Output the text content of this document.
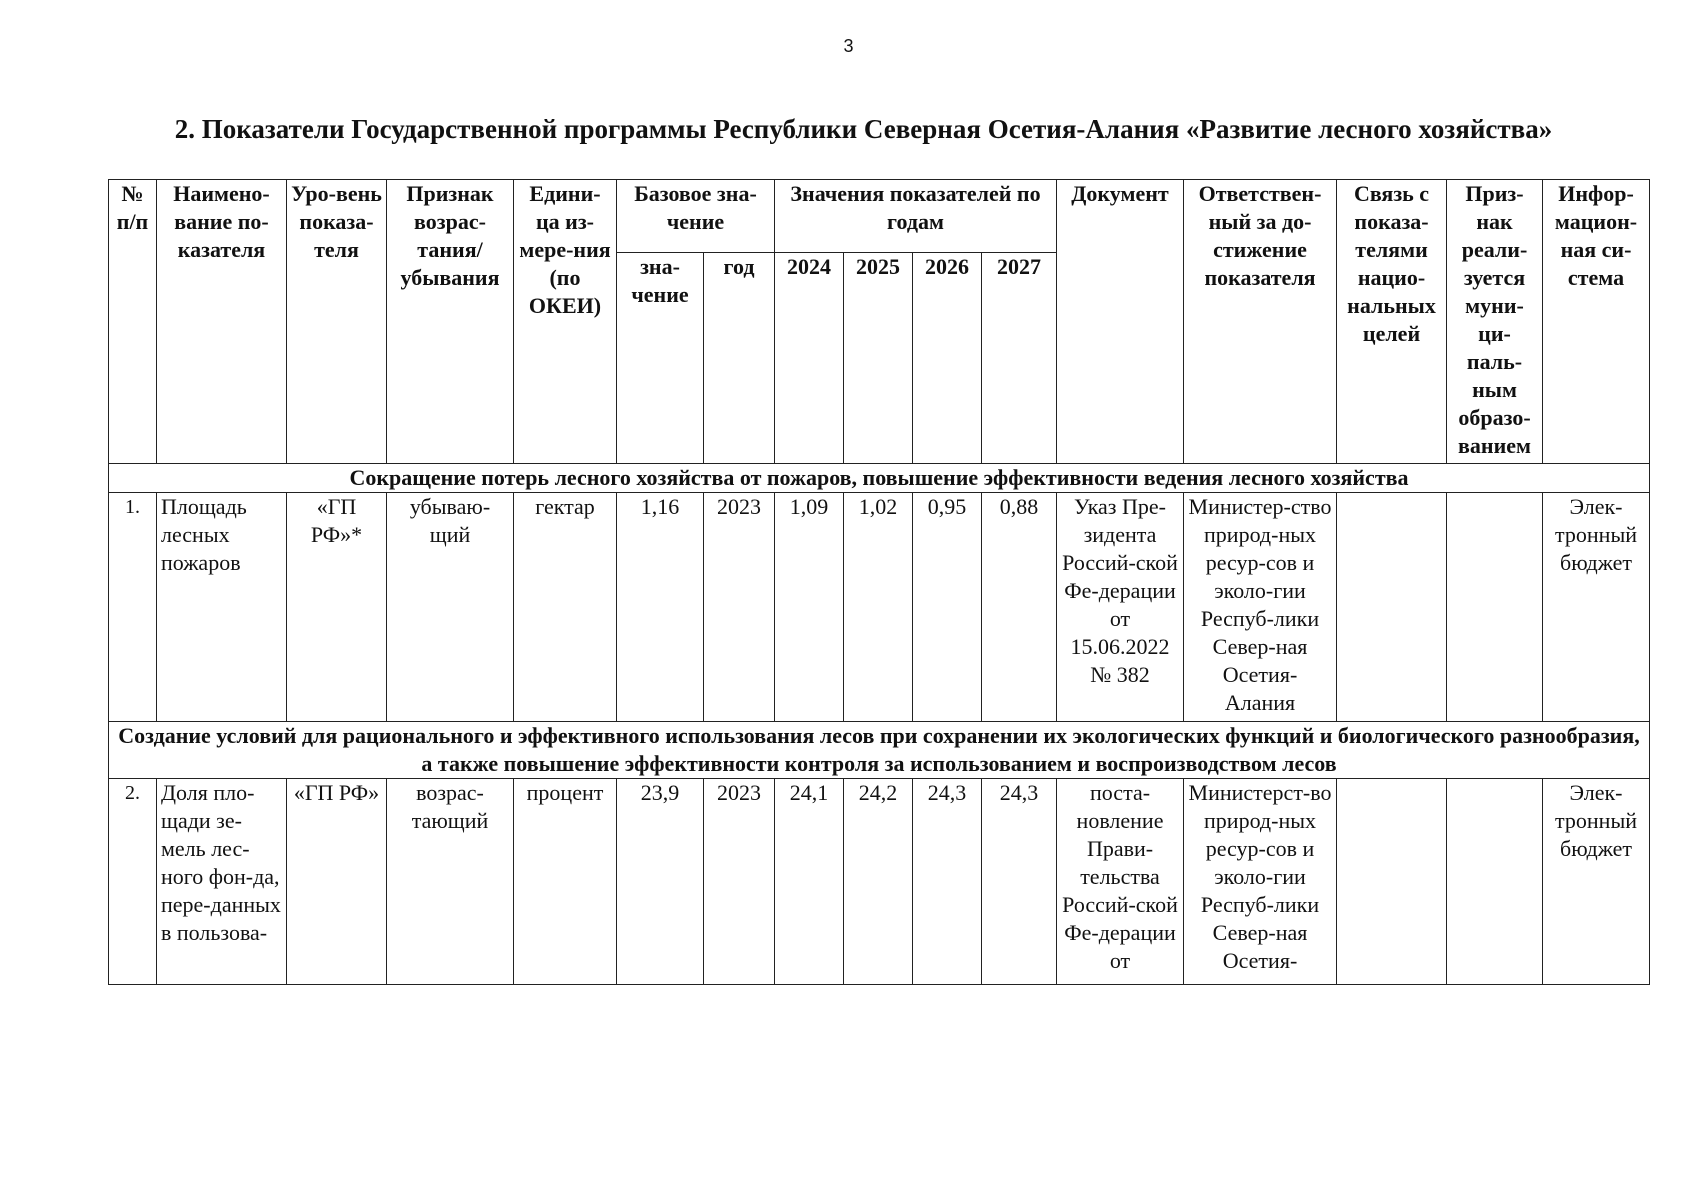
3
2. Показатели Государственной программы Республики Северная Осетия-Алания «Развитие лесного хозяйства»
№ п/п	Наимено-вание по-казателя	Уро-вень показа-теля	Признак возрас-тания/ убывания	Едини-ца из-мере-ния (по ОКЕИ)	Базовое зна-чение		Значения показателей по годам				Документ	Ответствен-ный за до-стижение показателя	Связь с показа-телями нацио-нальных целей	Приз-нак реали-зуется муни-ци-паль-ным образо-ванием	Инфор-мацион-ная си-стема
					зна-чение	год	2024	2025	2026	2027					
Сокращение потерь лесного хозяйства от пожаров, повышение эффективности ведения лесного хозяйства															
1.	Площадь лесных пожаров	«ГП РФ»*	убываю-щий	гектар	1,16	2023	1,09	1,02	0,95	0,88	Указ Пре-зидента Россий-ской Фе-дерации от 15.06.2022 № 382	Министер-ство природ-ных ресур-сов и эколо-гии Респуб-лики Север-ная Осетия-Алания			Элек-тронный бюджет
Создание условий для рационального и эффективного использования лесов при сохранении их экологических функций и биологического разнообразия, а также повышение эффективности контроля за использованием и воспроизводством лесов															
2.	Доля пло-щади зе-мель лес-ного фон-да, пере-данных в пользова-	«ГП РФ»	возрас-тающий	процент	23,9	2023	24,1	24,2	24,3	24,3	поста-новление Прави-тельства Россий-ской Фе-дерации от	Министерст-во природ-ных ресур-сов и эколо-гии Респуб-лики Север-ная Осетия-			Элек-тронный бюджет
